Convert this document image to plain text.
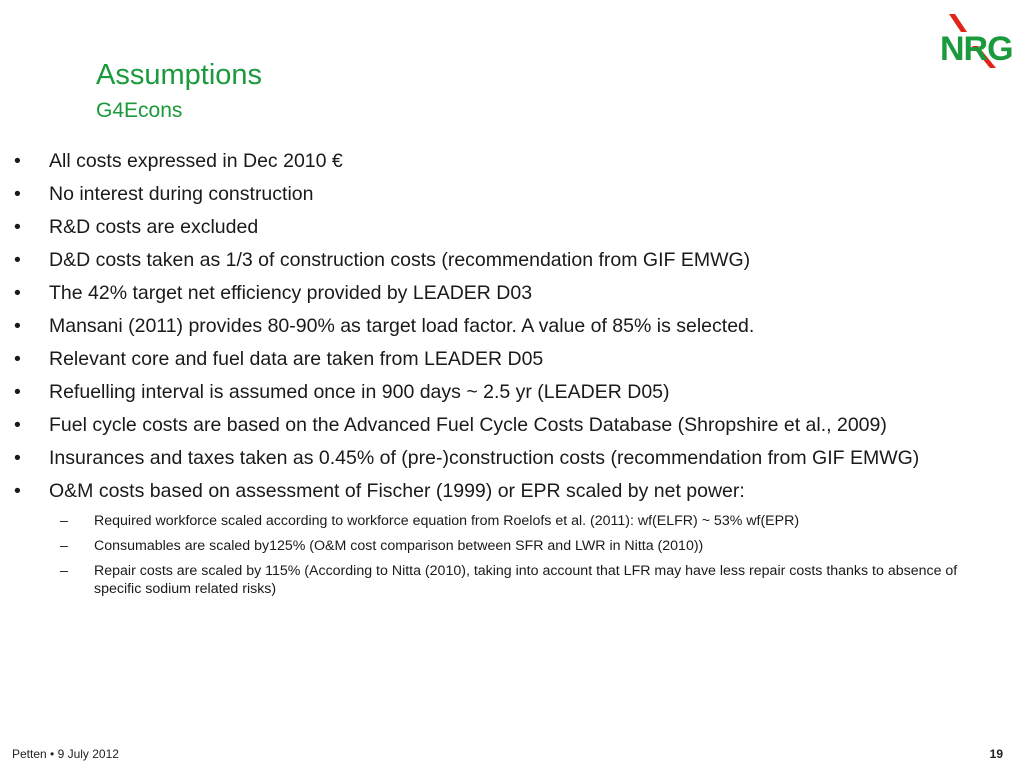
NRG
Assumptions
G4Econs
•	All costs expressed in Dec 2010 €
•	No interest during construction
•	R&D costs are excluded
•	D&D costs taken as 1/3 of construction costs (recommendation from GIF EMWG)
•	The 42% target net efficiency provided by LEADER D03
•	Mansani (2011) provides 80-90% as target load factor. A value of 85% is selected.
•	Relevant core and fuel data are taken from LEADER D05
•	Refuelling interval is assumed once in 900 days ~ 2.5 yr (LEADER D05)
•	Fuel cycle costs are based on the Advanced Fuel Cycle Costs Database (Shropshire et al., 2009)
•	Insurances and taxes taken as 0.45% of (pre-)construction costs (recommendation from GIF EMWG)
•	O&M costs based on assessment of Fischer (1999) or EPR scaled by net power:
– Required workforce scaled according to workforce equation from Roelofs et al. (2011): wf(ELFR) ~ 53% wf(EPR)
– Consumables are scaled by125% (O&M cost comparison between SFR and LWR in Nitta (2010))
– Repair costs are scaled by 115% (According to Nitta (2010), taking into account that LFR may have less repair costs thanks to absence of specific sodium related risks)
Petten • 9 July 2012	19
